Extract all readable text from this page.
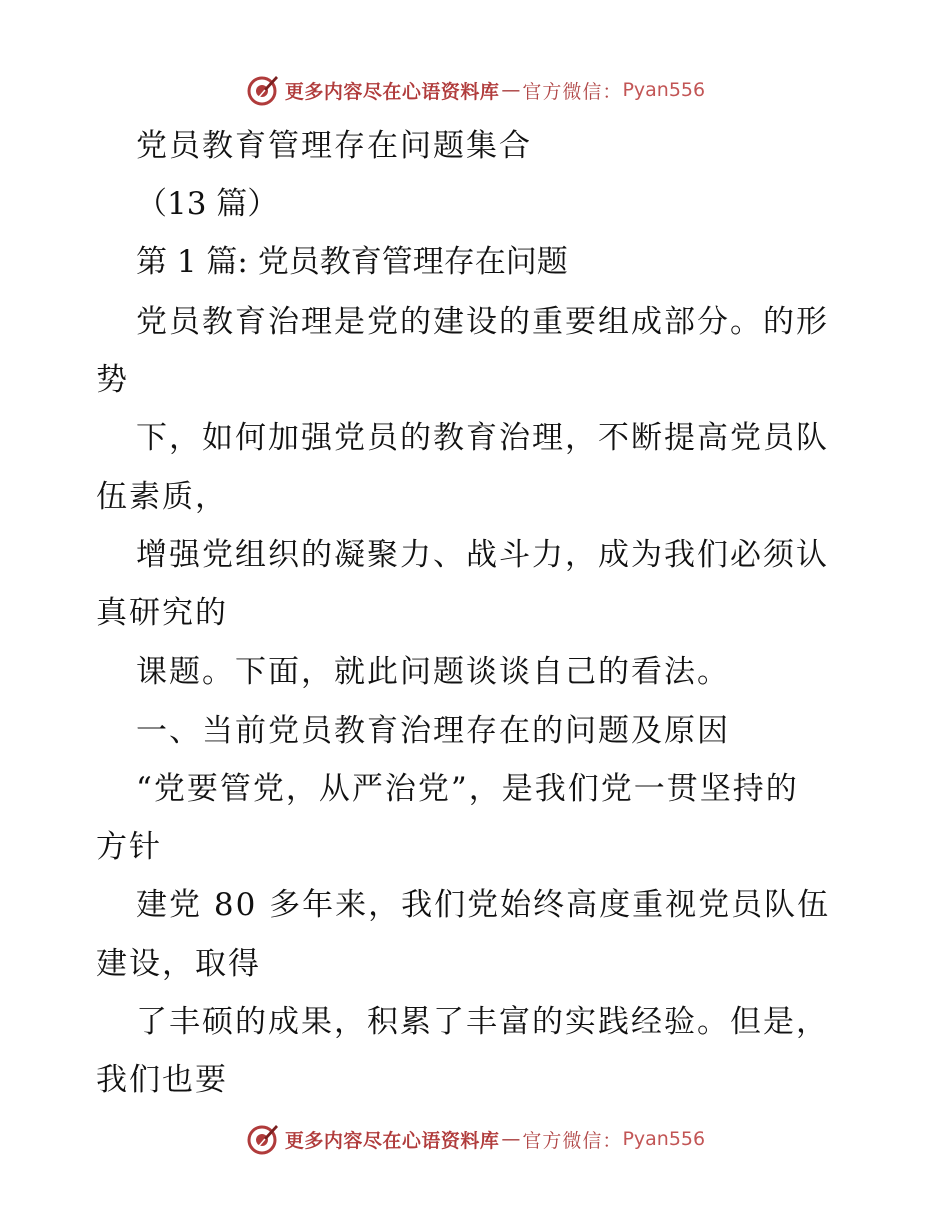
更多内容尽在心语资料库 — 官方微信： Pyan556
党员教育管理存在问题集合
（13 篇）
第 1 篇: 党员教育管理存在问题
党员教育治理是党的建设的重要组成部分。的形
势
下，如何加强党员的教育治理，不断提高党员队
伍素质，
增强党组织的凝聚力、战斗力，成为我们必须认
真研究的
课题。下面，就此问题谈谈自己的看法。
一、当前党员教育治理存在的问题及原因
“党要管党，从严治党”，是我们党一贯坚持的
方针
建党 80 多年来，我们党始终高度重视党员队伍
建设，取得
了丰硕的成果，积累了丰富的实践经验。但是，
我们也要
更多内容尽在心语资料库 — 官方微信： Pyan556
